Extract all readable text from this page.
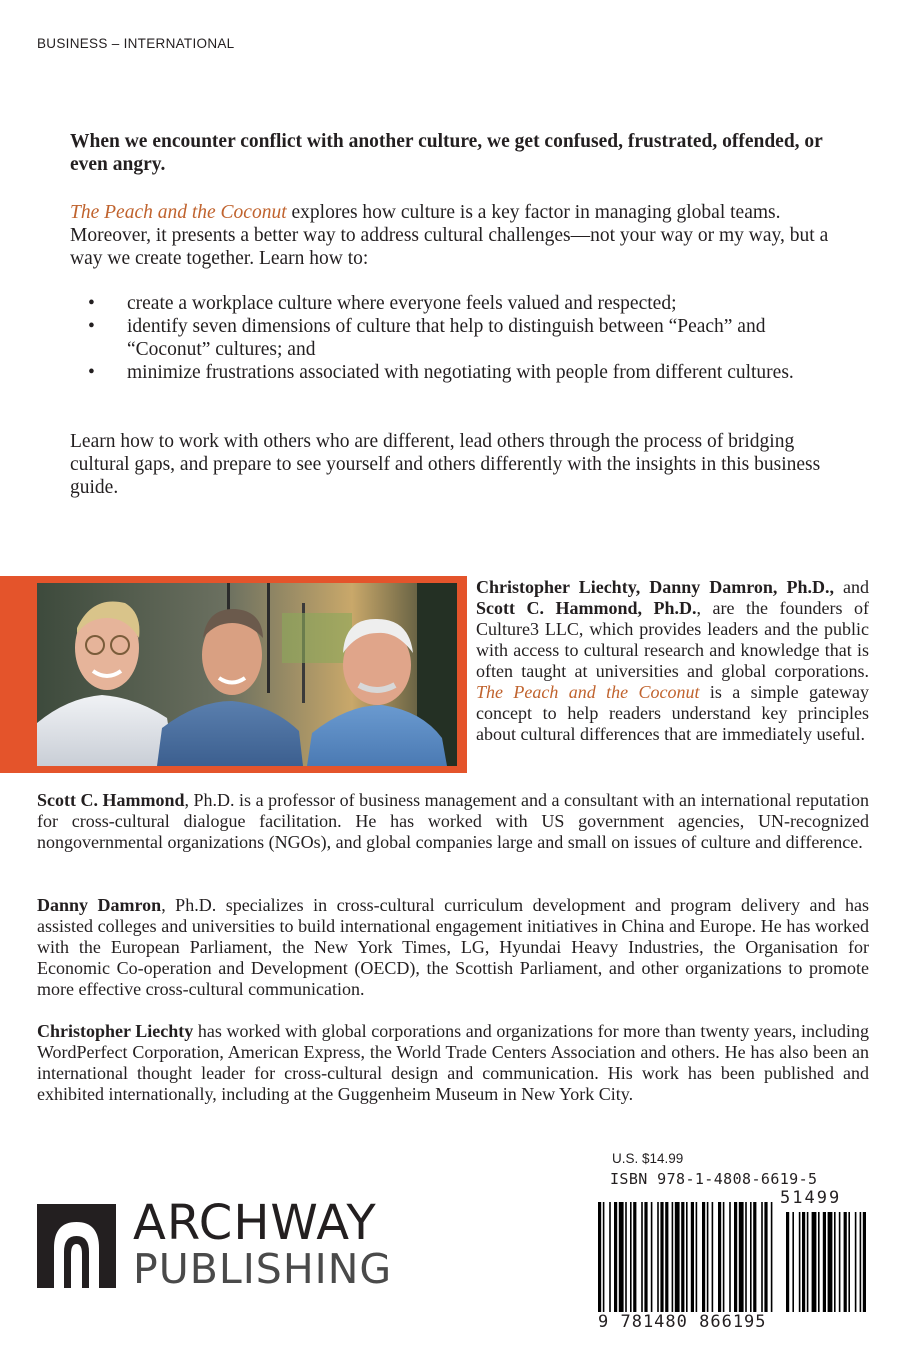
BUSINESS – INTERNATIONAL

When we encounter conflict with another culture, we get confused, frustrated, offended, or even angry.

The Peach and the Coconut explores how culture is a key factor in managing global teams. Moreover, it presents a better way to address cultural challenges—not your way or my way, but a way we create together. Learn how to:

• create a workplace culture where everyone feels valued and respected;
• identify seven dimensions of culture that help to distinguish between “Peach” and “Coconut” cultures; and
• minimize frustrations associated with negotiating with people from different cultures.

Learn how to work with others who are different, lead others through the process of bridging cultural gaps, and prepare to see yourself and others differently with the insights in this business guide.

Christopher Liechty, Danny Damron, Ph.D., and Scott C. Hammond, Ph.D., are the founders of Culture3 LLC, which provides leaders and the public with access to cultural research and knowledge that is often taught at universities and global corporations. The Peach and the Coconut is a simple gateway concept to help readers understand key principles about cultural differences that are immediately useful.

Scott C. Hammond, Ph.D. is a professor of business management and a consultant with an international reputation for cross-cultural dialogue facilitation. He has worked with US government agencies, UN-recognized nongovernmental organizations (NGOs), and global companies large and small on issues of culture and difference.

Danny Damron, Ph.D. specializes in cross-cultural curriculum development and program delivery and has assisted colleges and universities to build international engagement initiatives in China and Europe. He has worked with the European Parliament, the New York Times, LG, Hyundai Heavy Industries, the Organisation for Economic Co-operation and Development (OECD), the Scottish Parliament, and other organizations to promote more effective cross-cultural communication.

Christopher Liechty has worked with global corporations and organizations for more than twenty years, including WordPerfect Corporation, American Express, the World Trade Centers Association and others. He has also been an international thought leader for cross-cultural design and communication. His work has been published and exhibited internationally, including at the Guggenheim Museum in New York City.

ARCHWAY
PUBLISHING
U.S. $14.99
ISBN 978-1-4808-6619-5
51499
9 781480 866195
